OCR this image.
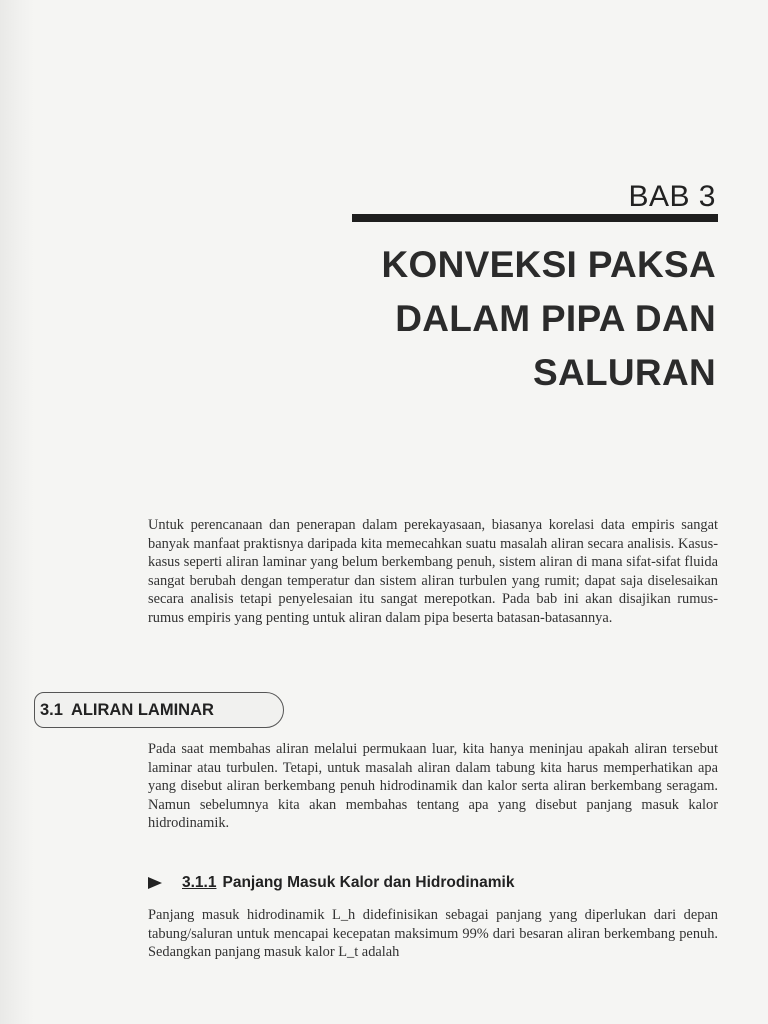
BAB 3
KONVEKSI PAKSA
DALAM PIPA DAN
SALURAN
Untuk perencanaan dan penerapan dalam perekayasaan, biasanya korelasi data empiris sangat banyak manfaat praktisnya daripada kita memecahkan suatu masalah aliran secara analisis. Kasus-kasus seperti aliran laminar yang belum berkembang penuh, sistem aliran di mana sifat-sifat fluida sangat berubah dengan temperatur dan sistem aliran turbulen yang rumit; dapat saja diselesaikan secara analisis tetapi penyelesaian itu sangat merepotkan. Pada bab ini akan disajikan rumus-rumus empiris yang penting untuk aliran dalam pipa beserta batasan-batasannya.
3.1 ALIRAN LAMINAR
Pada saat membahas aliran melalui permukaan luar, kita hanya meninjau apakah aliran tersebut laminar atau turbulen. Tetapi, untuk masalah aliran dalam tabung kita harus memperhatikan apa yang disebut aliran berkembang penuh hidrodinamik dan kalor serta aliran berkembang seragam. Namun sebelumnya kita akan membahas tentang apa yang disebut panjang masuk kalor hidrodinamik.
3.1.1 Panjang Masuk Kalor dan Hidrodinamik
Panjang masuk hidrodinamik L_h didefinisikan sebagai panjang yang diperlukan dari depan tabung/saluran untuk mencapai kecepatan maksimum 99% dari besaran aliran berkembang penuh. Sedangkan panjang masuk kalor L_t adalah
